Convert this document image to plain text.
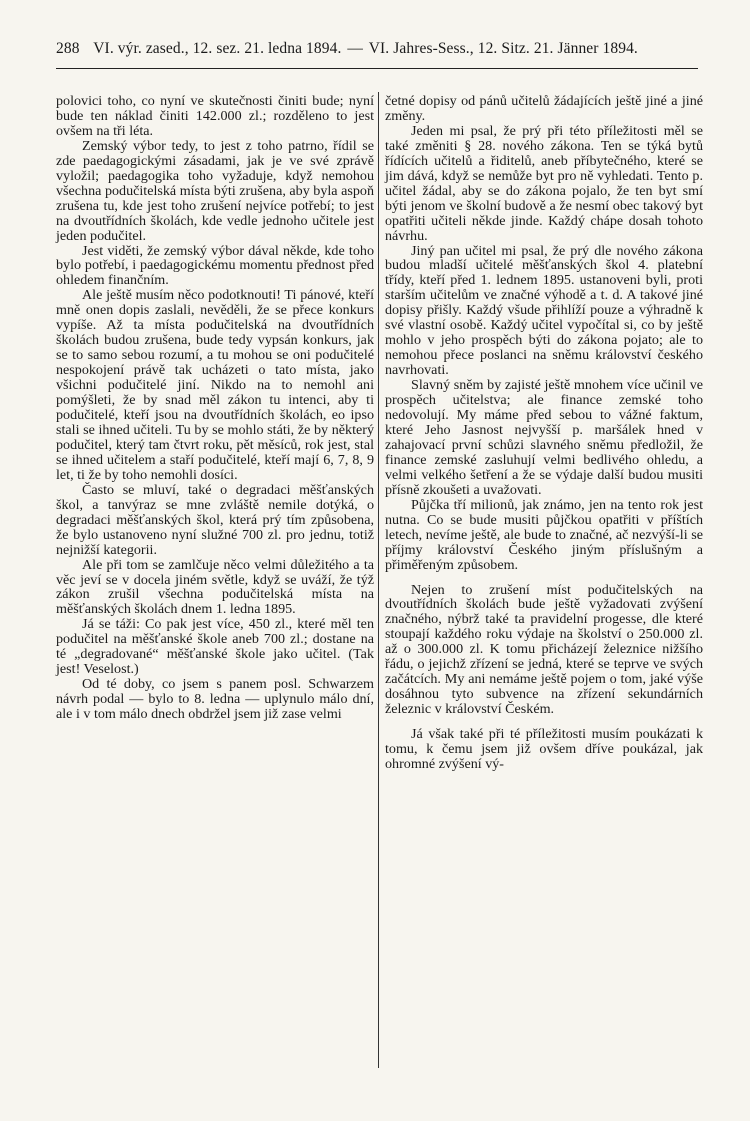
288 VI. výr. zased., 12. sez. 21. ledna 1894. — VI. Jahres-Sess., 12. Sitz. 21. Jänner 1894.

polovici toho, co nyní ve skutečnosti činiti bude; nyní bude ten náklad činiti 142.000 zl.; rozděleno to jest ovšem na tři léta.

Zemský výbor tedy, to jest z toho patrno, řídil se zde paedagogickými zásadami, jak je ve své zprávě vyložil; paedagogika toho vyžaduje, když nemohou všechna podučitelská místa býti zrušena, aby byla aspoň zrušena tu, kde jest toho zrušení nejvíce potřebí; to jest na dvoutřídních školách, kde vedle jednoho učitele jest jeden podučitel.

Jest viděti, že zemský výbor dával někde, kde toho bylo potřebí, i paedagogickému momentu přednost před ohledem finančním.

Ale ještě musím něco podotknouti! Ti pánové, kteří mně onen dopis zaslali, nevěděli, že se přece konkurs vypíše. Až ta místa podučitelská na dvoutřídních školách budou zrušena, bude tedy vypsán konkurs, jak se to samo sebou rozumí, a tu mohou se oni podučitelé nespokojení právě tak ucházeti o tato místa, jako všichni podučitelé jiní. Nikdo na to nemohl ani pomýšleti, že by snad měl zákon tu intenci, aby ti podučitelé, kteří jsou na dvoutřídních školách, eo ipso stali se ihned učiteli. Tu by se mohlo státi, že by některý podučitel, který tam čtvrt roku, pět měsíců, rok jest, stal se ihned učitelem a staří podučitelé, kteří mají 6, 7, 8, 9 let, ti že by toho nemohli dosíci.

Často se mluví, také o degradaci měšťanských škol, a tanvýraz se mne zvláště nemile dotýká, o degradaci měšťanských škol, která prý tím způsobena, že bylo ustanoveno nyní služné 700 zl. pro jednu, totiž nejnižší kategorii.

Ale při tom se zamlčuje něco velmi důležitého a ta věc jeví se v docela jiném světle, když se uváží, že týž zákon zrušil všechna podučitelská místa na měšťanských školách dnem 1. ledna 1895.

Já se táži: Co pak jest více, 450 zl., které měl ten podučitel na měšťanské škole aneb 700 zl.; dostane na té „degradované“ měšťanské škole jako učitel. (Tak jest! Veselost.)

Od té doby, co jsem s panem posl. Schwarzem návrh podal — bylo to 8. ledna — uplynulo málo dní, ale i v tom málo dnech obdržel jsem již zase velmi

četné dopisy od pánů učitelů žádajících ještě jiné a jiné změny.

Jeden mi psal, že prý při této příležitosti měl se také změniti § 28. nového zákona. Ten se týká bytů řídících učitelů a řiditelů, aneb příbytečného, které se jim dává, když se nemůže byt pro ně vyhledati. Tento p. učitel žádal, aby se do zákona pojalo, že ten byt smí býti jenom ve školní budově a že nesmí obec takový byt opatřiti učiteli někde jinde. Každý chápe dosah tohoto návrhu.

Jiný pan učitel mi psal, že prý dle nového zákona budou mladší učitelé měšťanských škol 4. platební třídy, kteří před 1. lednem 1895. ustanoveni byli, proti starším učitelům ve značné výhodě a t. d. A takové jiné dopisy přišly. Každý všude přihlíží pouze a výhradně k své vlastní osobě. Každý učitel vypočítal si, co by ještě mohlo v jeho prospěch býti do zákona pojato; ale to nemohou přece poslanci na sněmu království českého navrhovati.

Slavný sněm by zajisté ještě mnohem více učinil ve prospěch učitelstva; ale finance zemské toho nedovolují. My máme před sebou to vážné faktum, které Jeho Jasnost nejvyšší p. maršálek hned v zahajovací první schůzi slavného sněmu předložil, že finance zemské zasluhují velmi bedlivého ohledu, a velmi velkého šetření a že se výdaje další budou musiti přísně zkoušeti a uvažovati.

Půjčka tří milionů, jak známo, jen na tento rok jest nutna. Co se bude musiti půjčkou opatřiti v příštích letech, nevíme ještě, ale bude to značné, ač nezvýší-li se příjmy království Českého jiným příslušným a přiměřeným způsobem.

Nejen to zrušení míst podučitelských na dvoutřídních školách bude ještě vyžadovati zvýšení značného, nýbrž také ta pravidelní progesse, dle které stoupají každého roku výdaje na školství o 250.000 zl. až o 300.000 zl. K tomu přicházejí železnice nižšího řádu, o jejichž zřízení se jedná, které se teprve ve svých začátcích. My ani nemáme ještě pojem o tom, jaké výše dosáhnou tyto subvence na zřízení sekundárních železnic v království Českém.

Já však také při té příležitosti musím poukázati k tomu, k čemu jsem již ovšem dříve poukázal, jak ohromné zvýšení vý-
